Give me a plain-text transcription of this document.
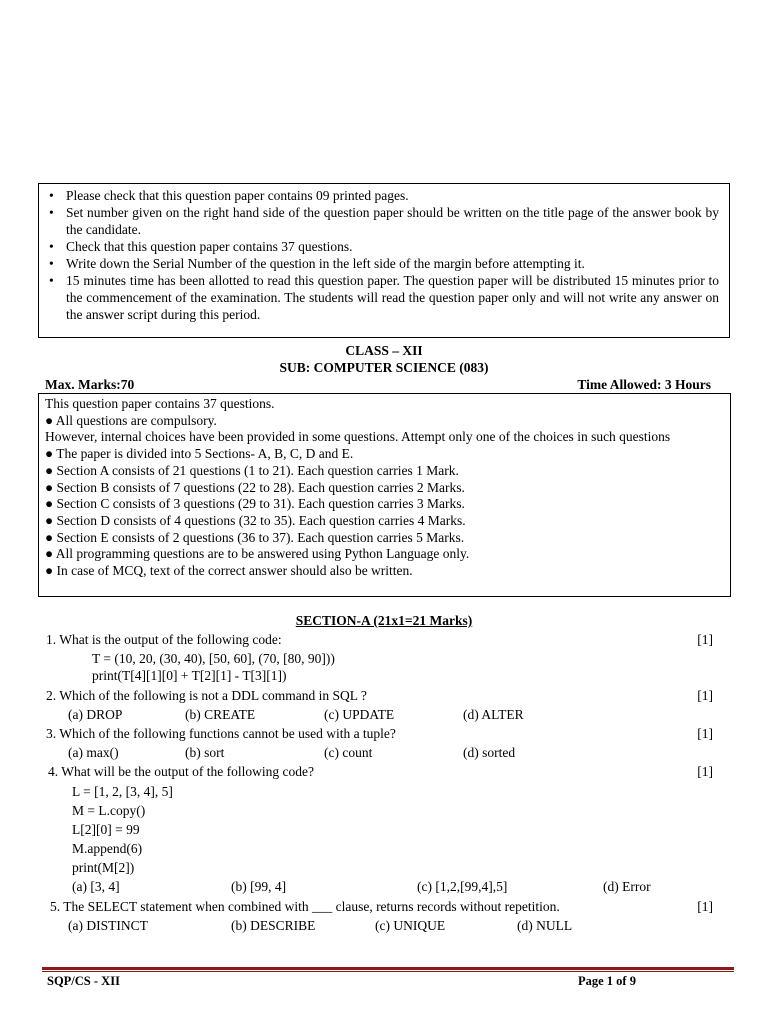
• Please check that this question paper contains 09 printed pages.
• Set number given on the right hand side of the question paper should be written on the title page of the answer book by the candidate.
• Check that this question paper contains 37 questions.
• Write down the Serial Number of the question in the left side of the margin before attempting it.
• 15 minutes time has been allotted to read this question paper. The question paper will be distributed 15 minutes prior to the commencement of the examination. The students will read the question paper only and will not write any answer on the answer script during this period.
CLASS – XII
SUB: COMPUTER SCIENCE (083)
Max. Marks:70	Time Allowed: 3 Hours
This question paper contains 37 questions.
● All questions are compulsory.
However, internal choices have been provided in some questions. Attempt only one of the choices in such questions
● The paper is divided into 5 Sections- A, B, C, D and E.
● Section A consists of 21 questions (1 to 21). Each question carries 1 Mark.
● Section B consists of 7 questions (22 to 28). Each question carries 2 Marks.
● Section C consists of 3 questions (29 to 31). Each question carries 3 Marks.
● Section D consists of 4 questions (32 to 35). Each question carries 4 Marks.
● Section E consists of 2 questions (36 to 37). Each question carries 5 Marks.
● All programming questions are to be answered using Python Language only.
● In case of MCQ, text of the correct answer should also be written.
SECTION-A (21x1=21 Marks)
1. What is the output of the following code:	[1]
T = (10, 20, (30, 40), [50, 60], (70, [80, 90]))
print(T[4][1][0] + T[2][1] - T[3][1])
2. Which of the following is not a DDL command in SQL ?	[1]
(a) DROP	(b) CREATE	(c) UPDATE	(d) ALTER
3. Which of the following functions cannot be used with a tuple?	[1]
(a) max()	(b) sort	(c) count	(d) sorted
4. What will be the output of the following code?	[1]
L = [1, 2, [3, 4], 5]
M = L.copy()
L[2][0] = 99
M.append(6)
print(M[2])
(a) [3, 4]	(b) [99, 4]	(c) [1,2,[99,4],5]	(d) Error
5. The SELECT statement when combined with ___ clause, returns records without repetition.	[1]
(a) DISTINCT	(b) DESCRIBE	(c) UNIQUE	(d) NULL
SQP/CS - XII	Page 1 of 9
